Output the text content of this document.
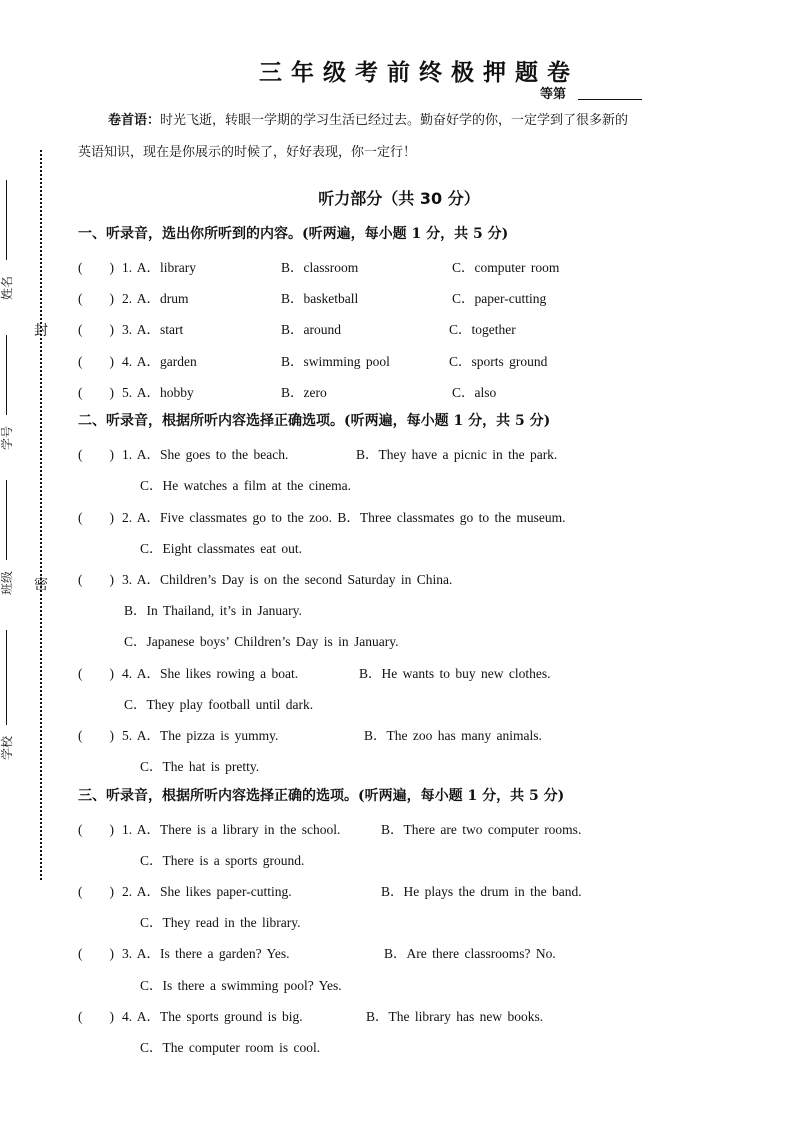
封
密
姓名
学号
班级
学校
三年级考前终极押题卷
等第
卷首语：时光飞逝，转眼一学期的学习生活已经过去。勤奋好学的你，一定学到了很多新的
英语知识，现在是你展示的时候了，好好表现，你一定行！
听力部分（共 30 分）
一、听录音，选出你所听到的内容。(听两遍，每小题 1 分，共 5 分)
(　　) 1. A．library	B．classroom	C．computer room
(　　) 2. A．drum	B．basketball	C．paper-cutting
(　　) 3. A．start	B．around	C．together
(　　) 4. A．garden	B．swimming pool	C．sports ground
(　　) 5. A．hobby	B．zero	C．also
二、听录音，根据所听内容选择正确选项。(听两遍，每小题 1 分，共 5 分)
(　　) 1. A．She goes to the beach.	B．They have a picnic in the park.
C．He watches a film at the cinema.
(　　) 2. A．Five classmates go to the zoo. B．Three classmates go to the museum.
C．Eight classmates eat out.
(　　) 3. A．Children’s Day is on the second Saturday in China.
B．In Thailand, it’s in January.
C．Japanese boys’ Children’s Day is in January.
(　　) 4. A．She likes rowing a boat.	B．He wants to buy new clothes.
C．They play football until dark.
(　　) 5. A．The pizza is yummy.	B．The zoo has many animals.
C．The hat is pretty.
三、听录音，根据所听内容选择正确的选项。(听两遍，每小题 1 分，共 5 分)
(　　) 1. A．There is a library in the school.	B．There are two computer rooms.
C．There is a sports ground.
(　　) 2. A．She likes paper-cutting.	B．He plays the drum in the band.
C．They read in the library.
(　　) 3. A．Is there a garden? Yes.	B．Are there classrooms? No.
C．Is there a swimming pool? Yes.
(　　) 4. A．The sports ground is big.	B．The library has new books.
C．The computer room is cool.
